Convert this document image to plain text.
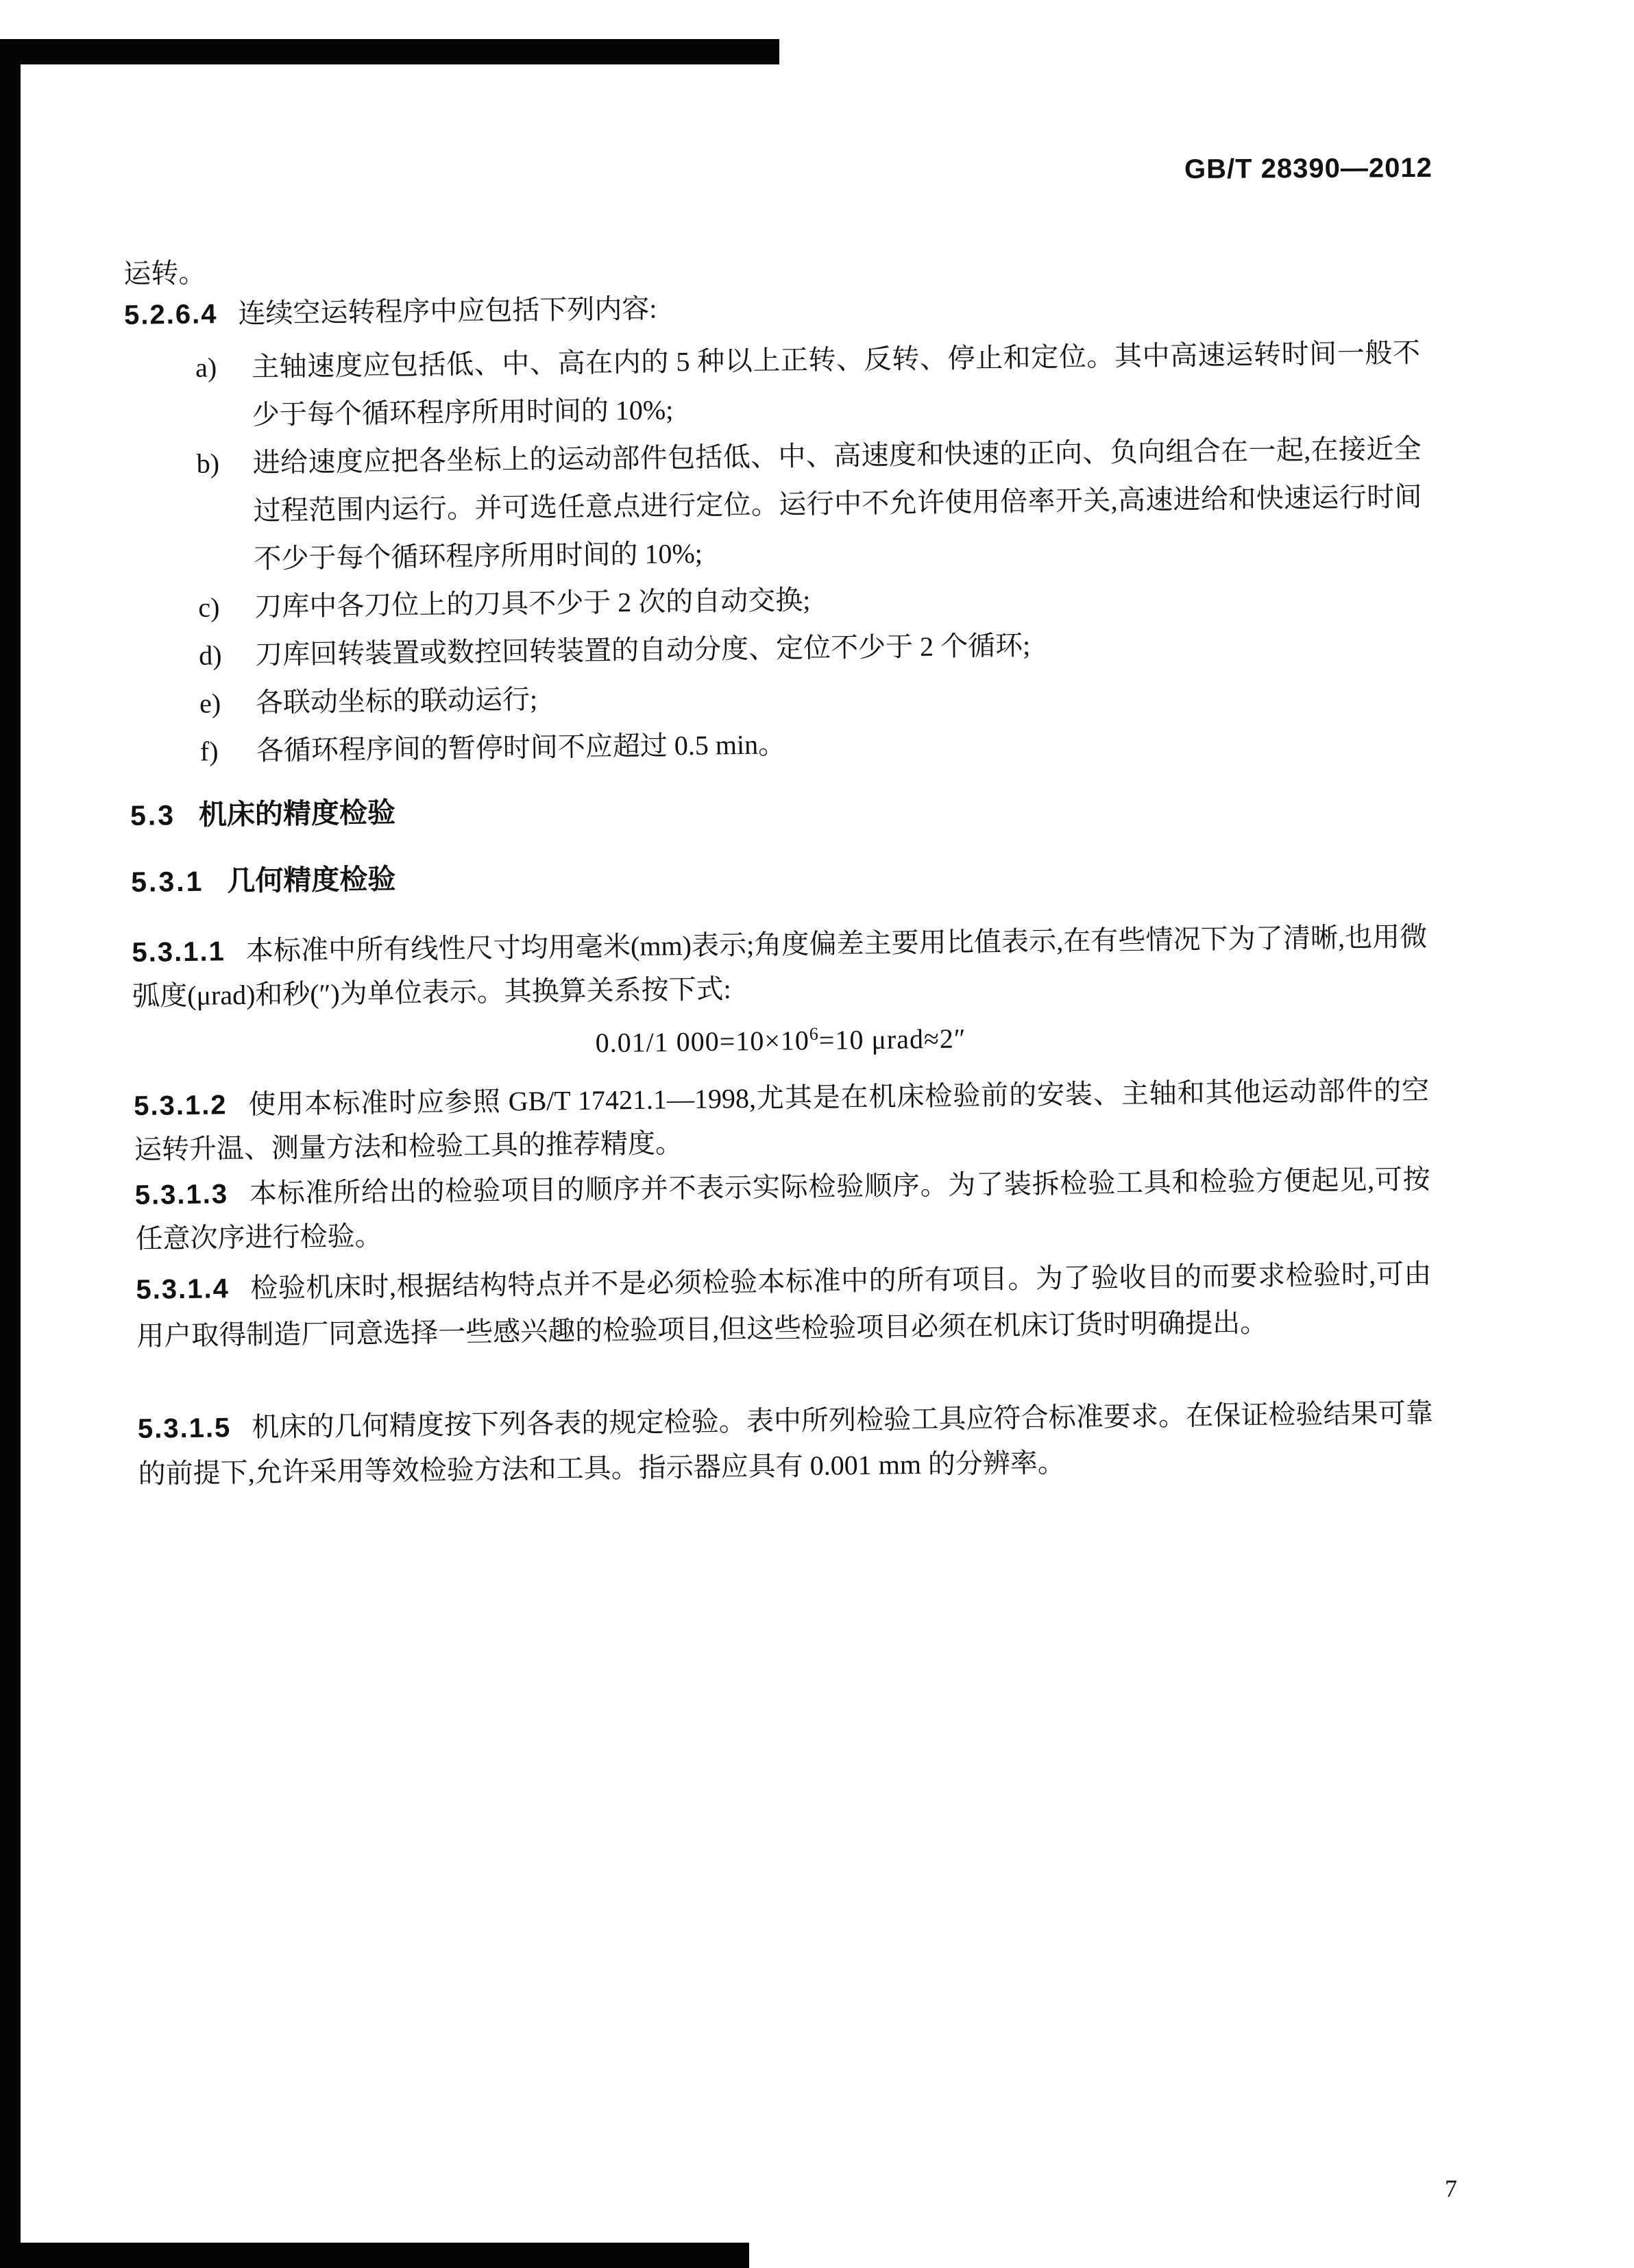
GB/T 28390—2012
运转。
5.2.6.4 连续空运转程序中应包括下列内容:
a) 主轴速度应包括低、中、高在内的 5 种以上正转、反转、停止和定位。其中高速运转时间一般不少于每个循环程序所用时间的 10%;
b) 进给速度应把各坐标上的运动部件包括低、中、高速度和快速的正向、负向组合在一起,在接近全过程范围内运行。并可选任意点进行定位。运行中不允许使用倍率开关,高速进给和快速运行时间不少于每个循环程序所用时间的 10%;
c) 刀库中各刀位上的刀具不少于 2 次的自动交换;
d) 刀库回转装置或数控回转装置的自动分度、定位不少于 2 个循环;
e) 各联动坐标的联动运行;
f) 各循环程序间的暂停时间不应超过 0.5 min。
5.3 机床的精度检验
5.3.1 几何精度检验

5.3.1.1 本标准中所有线性尺寸均用毫米(mm)表示;角度偏差主要用比值表示,在有些情况下为了清晰,也用微弧度(μrad)和秒(″)为单位表示。其换算关系按下式:

0.01/1 $000=10\times 10^6=10$ μrad≈2″

5.3.1.2 使用本标准时应参照 GB/T 17421.1—1998,尤其是在机床检验前的安装、主轴和其他运动部件的空运转升温、测量方法和检验工具的推荐精度。

5.3.1.3 本标准所给出的检验项目的顺序并不表示实际检验顺序。为了装拆检验工具和检验方便起见,可按任意次序进行检验。

5.3.1.4 检验机床时,根据结构特点并不是必须检验本标准中的所有项目。为了验收目的而要求检验时,可由用户取得制造厂同意选择一些感兴趣的检验项目,但这些检验项目必须在机床订货时明确提出。

5.3.1.5 机床的几何精度按下列各表的规定检验。表中所列检验工具应符合标准要求。在保证检验结果可靠的前提下,允许采用等效检验方法和工具。指示器应具有 0.001 mm 的分辨率。

7
